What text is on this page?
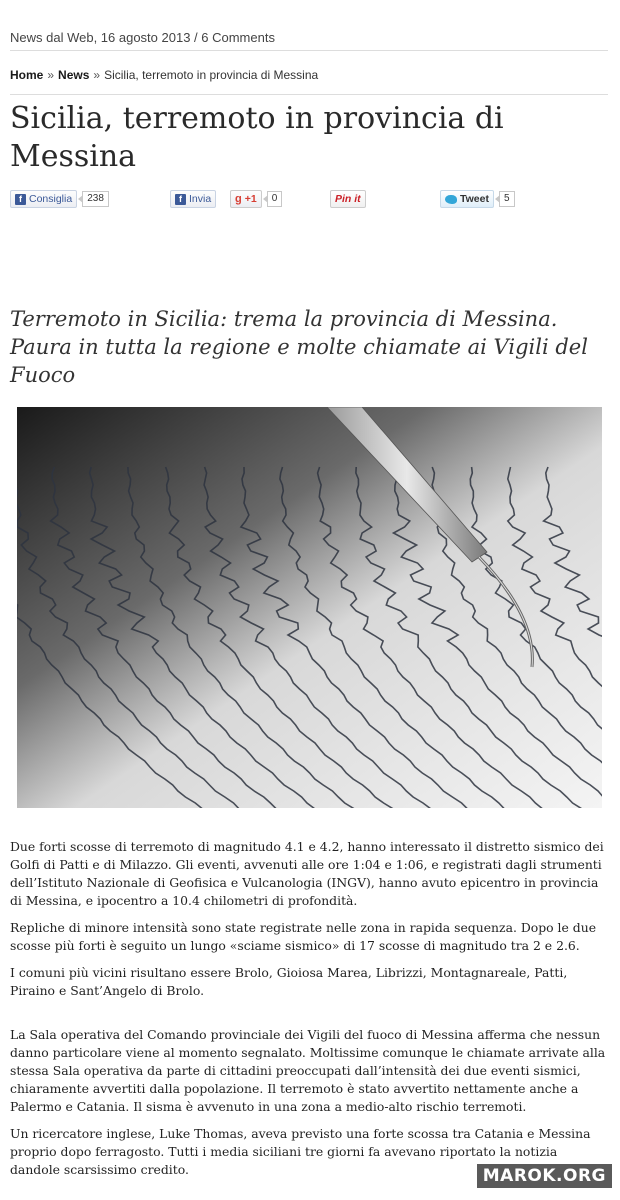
News dal Web, 16 agosto 2013 / 6 Comments
Home » News » Sicilia, terremoto in provincia di Messina
Sicilia, terremoto in provincia di Messina
f Consiglia	238	f Invia g +1	0	Pin it	Tweet	5

Terremoto in Sicilia: trema la provincia di Messina. Paura in tutta la regione e molte chiamate ai Vigili del Fuoco

Due forti scosse di terremoto di magnitudo 4.1 e 4.2, hanno interessato il distretto sismico dei Golfi di Patti e di Milazzo. Gli eventi, avvenuti alle ore 1:04 e 1:06, e registrati dagli strumenti dell’Istituto Nazionale di Geofisica e Vulcanologia (INGV), hanno avuto epicentro in provincia di Messina, e ipocentro a 10.4 chilometri di profondità.

Repliche di minore intensità sono state registrate nelle zona in rapida sequenza. Dopo le due scosse più forti è seguito un lungo «sciame sismico» di 17 scosse di magnitudo tra 2 e 2.6.

I comuni più vicini risultano essere Brolo, Gioiosa Marea, Librizzi, Montagnareale, Patti, Piraino e Sant’Angelo di Brolo.

La Sala operativa del Comando provinciale dei Vigili del fuoco di Messina afferma che nessun danno particolare viene al momento segnalato. Moltissime comunque le chiamate arrivate alla stessa Sala operativa da parte di cittadini preoccupati dall’intensità dei due eventi sismici, chiaramente avvertiti dalla popolazione. Il terremoto è stato avvertito nettamente anche a Palermo e Catania. Il sisma è avvenuto in una zona a medio-alto rischio terremoti.

Un ricercatore inglese, Luke Thomas, aveva previsto una forte scossa tra Catania e Messina proprio dopo ferragosto. Tutti i media siciliani tre giorni fa avevano riportato la notizia dandole scarsissimo credito.	MAROK.ORG
